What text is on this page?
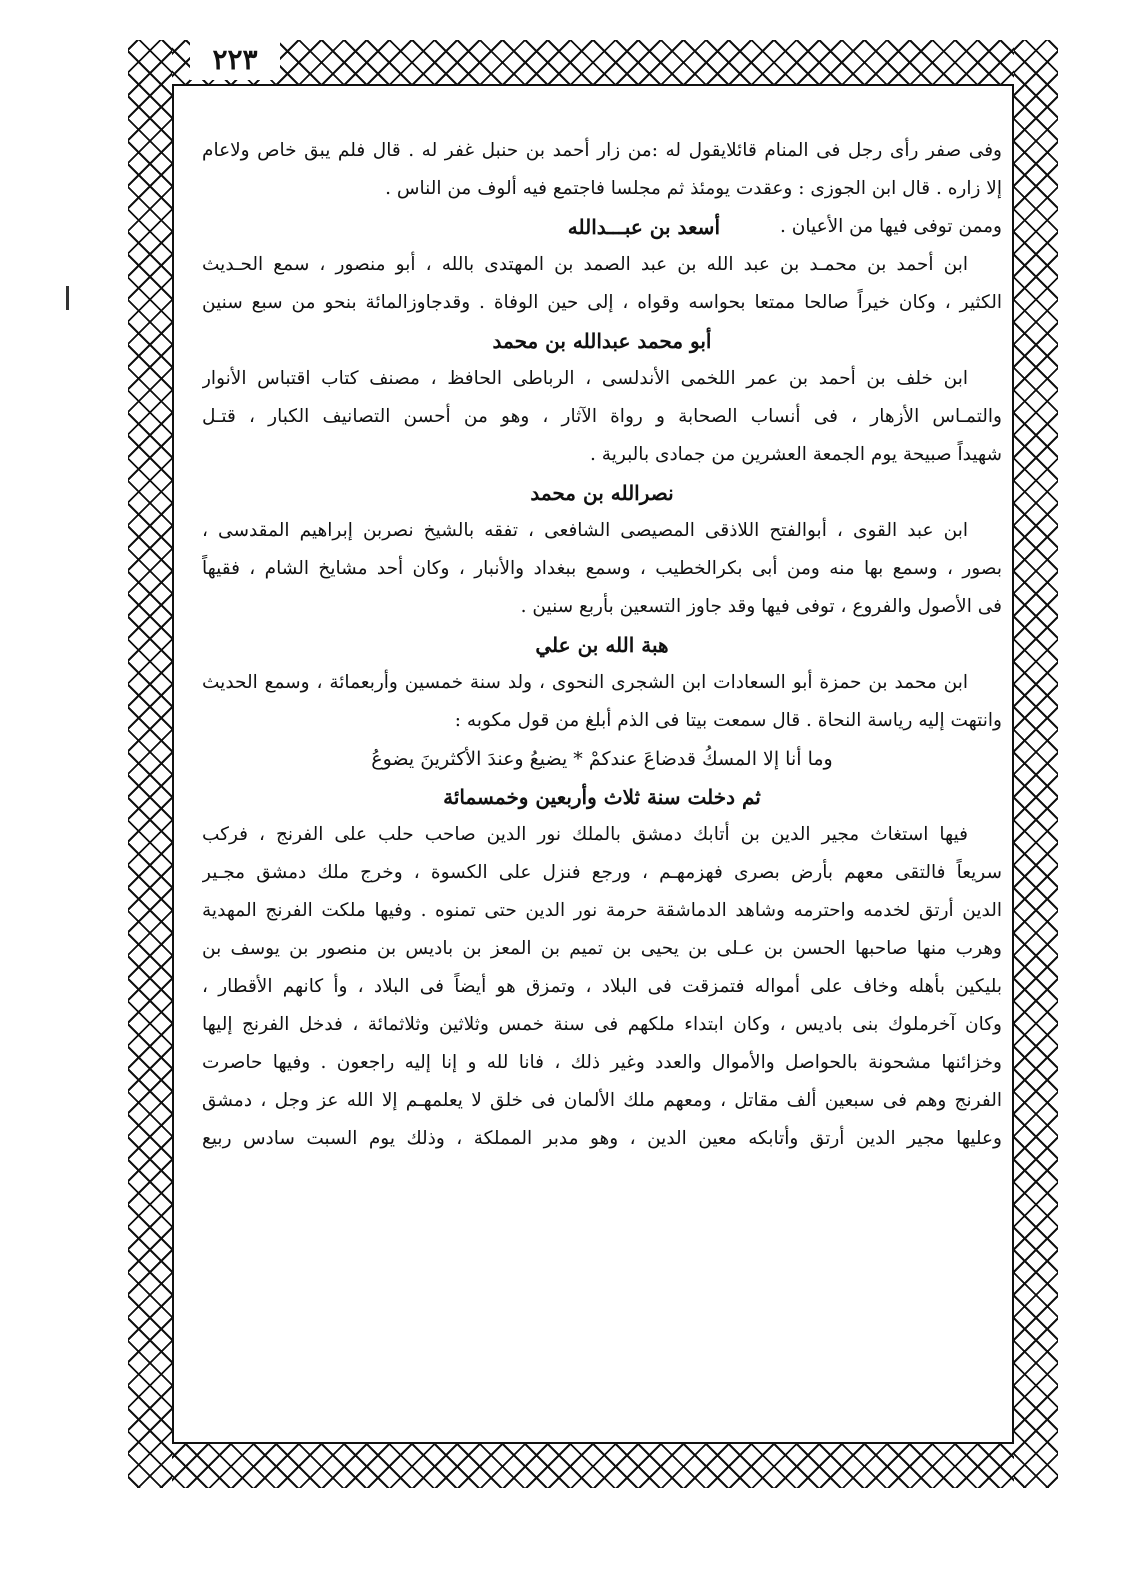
٢٢٣
وفى صفر رأى رجل فى المنام قائلايقول له :من زار أحمد بن حنبل غفر له . قال فلم يبق خاص ولاعام
إلا زاره . قال ابن الجوزى : وعقدت يومئذ ثم مجلسا فاجتمع فيه ألوف من الناس .
وممن توفى فيها من الأعيان .
أسعد بن عبـــدالله
ابن أحمد بن محمـد بن عبد الله بن عبد الصمد بن المهتدى بالله ، أبو منصور ، سمع الحـديث
الكثير ، وكان خيراً صالحا ممتعا بحواسه وقواه ، إلى حين الوفاة . وقدجاوزالمائة بنحو من سبع سنين
أبو محمد عبدالله بن محمد
ابن خلف بن أحمد بن عمر اللخمى الأندلسى ، الرباطى الحافظ ، مصنف كتاب اقتباس الأنوار
والتمـاس الأزهار ، فى أنساب الصحابة و رواة الآثار ، وهو من أحسن التصانيف الكبار ، قتـل
شهيداً صبيحة يوم الجمعة العشرين من جمادى بالبرية .
نصرالله بن محمد
ابن عبد القوى ، أبوالفتح اللاذقى المصيصى الشافعى ، تفقه بالشيخ نصربن إبراهيم المقدسى ،
بصور ، وسمع بها منه ومن أبى بكرالخطيب ، وسمع ببغداد والأنبار ، وكان أحد مشايخ الشام ، فقيهاً
فى الأصول والفروع ، توفى فيها وقد جاوز التسعين بأربع سنين .
هبة الله بن علي
ابن محمد بن حمزة أبو السعادات ابن الشجرى النحوى ، ولد سنة خمسين وأربعمائة ، وسمع الحديث
وانتهت إليه رياسة النحاة . قال سمعت بيتا فى الذم أبلغ من قول مكوبه :
وما أنا إلا المسكُ قدضاعَ عندكمْ * يضيعُ وعندَ الأكثرينَ يضوعُ
ثم دخلت سنة ثلاث وأربعين وخمسمائة
فيها استغاث مجير الدين بن أتابك دمشق بالملك نور الدين صاحب حلب على الفرنج ، فركب
سريعاً فالتقى معهم بأرض بصرى فهزمهـم ، ورجع فنزل على الكسوة ، وخرج ملك دمشق مجـير
الدين أرتق لخدمه واحترمه وشاهد الدماشقة حرمة نور الدين حتى تمنوه . وفيها ملكت الفرنج المهدية
وهرب منها صاحبها الحسن بن عـلى بن يحيى بن تميم بن المعز بن باديس بن منصور بن يوسف بن
بليكين بأهله وخاف على أمواله فتمزقت فى البلاد ، وتمزق هو أيضاً فى البلاد ، وأ كانهم الأقطار ،
وكان آخرملوك بنى باديس ، وكان ابتداء ملكهم فى سنة خمس وثلاثين وثلاثمائة ، فدخل الفرنج إليها
وخزائنها مشحونة بالحواصل والأموال والعدد وغير ذلك ، فانا لله و إنا إليه راجعون . وفيها حاصرت
الفرنج وهم فى سبعين ألف مقاتل ، ومعهم ملك الألمان فى خلق لا يعلمهـم إلا الله عز وجل ، دمشق
وعليها مجير الدين أرتق وأتابكه معين الدين ، وهو مدبر المملكة ، وذلك يوم السبت سادس ربيع
